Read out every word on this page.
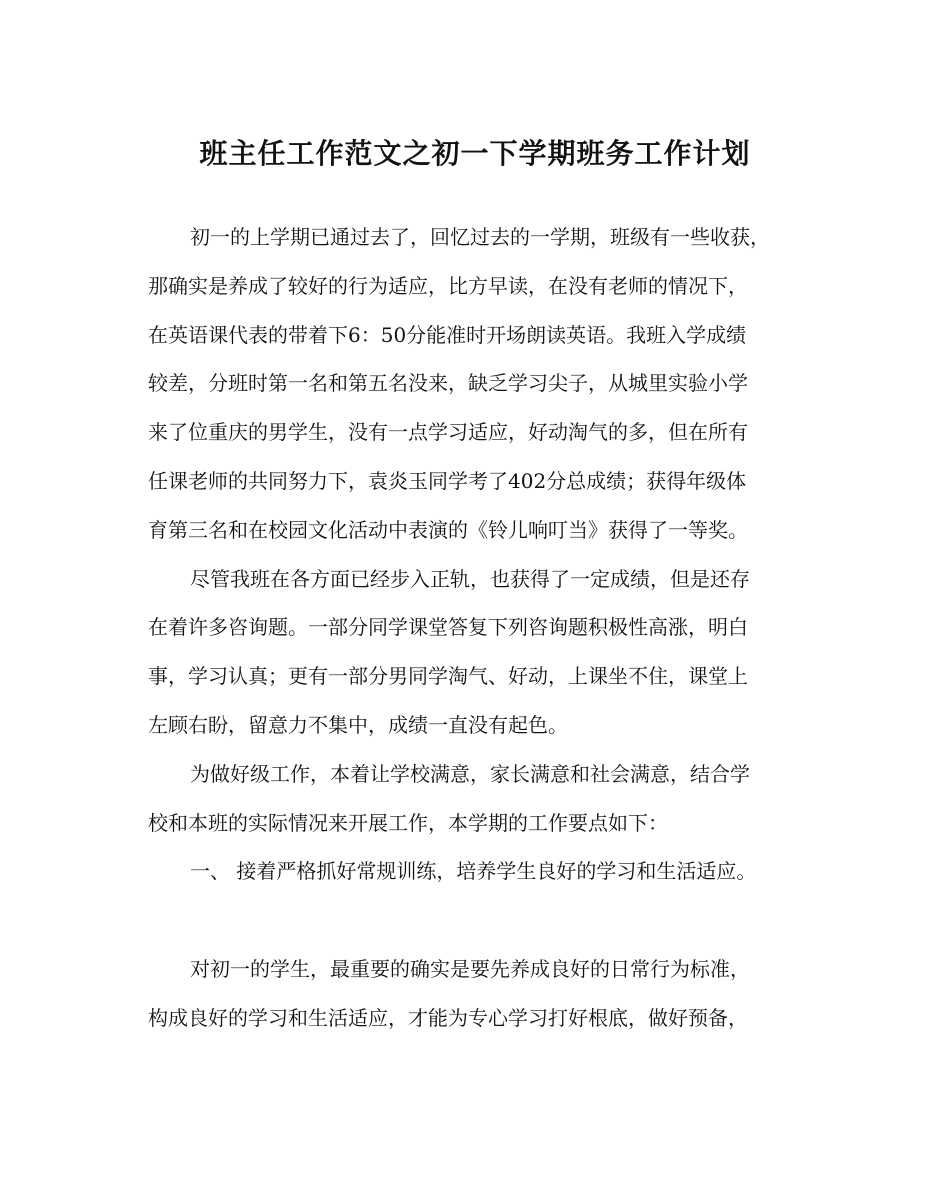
班主任工作范文之初一下学期班务工作计划
初一的上学期已通过去了，回忆过去的一学期，班级有一些收获，
那确实是养成了较好的行为适应，比方早读，在没有老师的情况下，
在英语课代表的带着下6：50分能准时开场朗读英语。我班入学成绩
较差，分班时第一名和第五名没来，缺乏学习尖子，从城里实验小学
来了位重庆的男学生，没有一点学习适应，好动淘气的多，但在所有
任课老师的共同努力下，袁炎玉同学考了402分总成绩；获得年级体
育第三名和在校园文化活动中表演的《铃儿响叮当》获得了一等奖。
尽管我班在各方面已经步入正轨，也获得了一定成绩，但是还存
在着许多咨询题。一部分同学课堂答复下列咨询题积极性高涨，明白
事，学习认真；更有一部分男同学淘气、好动，上课坐不住，课堂上
左顾右盼，留意力不集中，成绩一直没有起色。
为做好级工作，本着让学校满意，家长满意和社会满意，结合学
校和本班的实际情况来开展工作，本学期的工作要点如下：
一、 接着严格抓好常规训练，培养学生良好的学习和生活适应。
对初一的学生，最重要的确实是要先养成良好的日常行为标准，
构成良好的学习和生活适应，才能为专心学习打好根底，做好预备，
